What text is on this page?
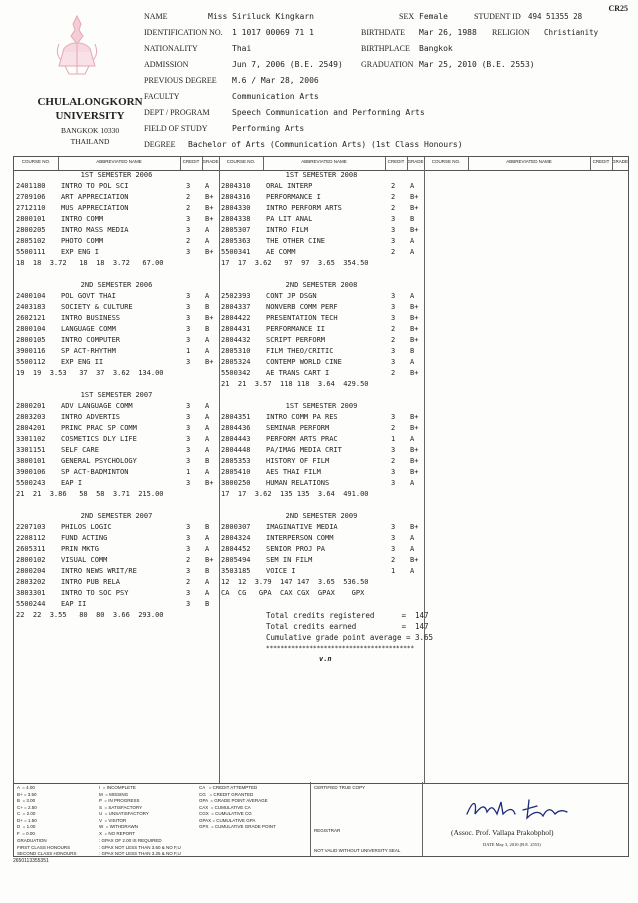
CR25
CHULALONGKORN
UNIVERSITY
BANGKOK 10330
THAILAND
NAME	Miss Siriluck Kingkarn	SEX Female	STUDENT ID 494 51355 28
IDENTIFICATION NO. 1 1017 00069 71 1	BIRTHDATE Mar 26, 1988 RELIGION Christianity
NATIONALITY	Thai	BIRTHPLACE Bangkok
ADMISSION	Jun 7, 2006 (B.E. 2549) GRADUATION Mar 25, 2010 (B.E. 2553)
PREVIOUS DEGREE M.6 / Mar 28, 2006
FACULTY	Communication Arts
DEPT / PROGRAM	Speech Communication and Performing Arts
FIELD OF STUDY	Performing Arts
DEGREE Bachelor of Arts (Communication Arts) (1st Class Honours)
COURSE NO.	ABBREVIATED NAME	CREDIT GRADE	COURSE NO.	ABBREVIATED NAME	CREDIT GRADE	COURSE NO.	ABBREVIATED NAME	CREDIT GRADE
1ST SEMESTER 2006
2401180 INTRO TO POL SCI	3 A
2709106 ART APPRECIATION	2 B+
2712110 MUS APPRECIATION	2 B+
2800101 INTRO COMM	3 B+
2800205 INTRO MASS MEDIA	3 A
2805102 PHOTO COMM	2 A
5500111 EXP ENG I	3 B+
18  18  3.72   18  18  3.72   67.00
2ND SEMESTER 2006
2400104 POL GOVT THAI	3 A
2403183 SOCIETY & CULTURE	3 B
2602121 INTRO BUSINESS	3 B+
2800104 LANGUAGE COMM	3 B
2800105 INTRO COMPUTER	3 A
3900116 SP ACT-RHYTHM	1 A
5500112 EXP ENG II	3 B+
19  19  3.53   37  37  3.62  134.00
1ST SEMESTER 2007
2800201 ADV LANGUAGE COMM	3 A
2803203 INTRO ADVERTIS	3 A
2804201 PRINC PRAC SP COMM	3 A
3301102 COSMETICS DLY LIFE	3 A
3301151 SELF CARE	3 A
3800101 GENERAL PSYCHOLOGY	3 B
3900106 SP ACT-BADMINTON	1 A
5500243 EAP I	3 B+
21  21  3.86   58  58  3.71  215.00
2ND SEMESTER 2007
2207103 PHILOS LOGIC	3 B
2208112 FUND ACTING	3 A
2605311 PRIN MKTG	3 A
2800102 VISUAL COMM	2 B+
2800204 INTRO NEWS WRIT/RE	3 B
2803202 INTRO PUB RELA	2 A
3803301 INTRO TO SOC PSY	3 A
5500244 EAP II	3 B
22  22  3.55   80  80  3.66  293.00
1ST SEMESTER 2008
2804310 ORAL INTERP	2 A
2804316 PERFORMANCE I	2 B+
2804330 INTRO PERFORM ARTS	2 B+
2804338 PA LIT ANAL	3 B
2805307 INTRO FILM	3 B+
2805363 THE OTHER CINE	3 A
5500341 AE COMM	2 A
17  17  3.62   97  97  3.65  354.50
2ND SEMESTER 2008
2502393 CONT JP DSGN	3 A
2804337 NONVERB COMM PERF	3 B+
2804422 PRESENTATION TECH	3 B+
2804431 PERFORMANCE II	2 B+
2804432 SCRIPT PERFORM	2 B+
2805310 FILM THEO/CRITIC	3 B
2805324 CONTEMP WORLD CINE	3 A
5500342 AE TRANS CART I	2 B+
21  21  3.57  118 118  3.64  429.50
1ST SEMESTER 2009
2804351 INTRO COMM PA RES	3 B+
2804436 SEMINAR PERFORM	2 B+
2804443 PERFORM ARTS PRAC	1 A
2804448 PA/IMAG MEDIA CRIT	3 B+
2805353 HISTORY OF FILM	2 B+
2805410 AES THAI FILM	3 B+
3800250 HUMAN RELATIONS	3 A
17  17  3.62  135 135  3.64  491.00
2ND SEMESTER 2009
2800307 IMAGINATIVE MEDIA	3 B+
2804324 INTERPERSON COMM	3 A
2804452 SENIOR PROJ PA	3 A
2805494 SEM IN FILM	2 B+
3503185 VOICE I	1 A
12  12  3.79  147 147  3.65  536.50
CA  CG   GPA  CAX CGX  GPAX    GPX
Total credits registered      =  147
Total credits earned          =  147
Cumulative grade point average = 3.65
*****************************************
v.n
A  = 4.00
B+ = 3.50
B  = 3.00
C+ = 2.50
C  = 2.00
D+ = 1.50
D  = 1.00
F  = 0.00
I  = INCOMPLETE
M  = MISSING
P  = IN PROGRESS
S  = SATISFACTORY
U  = UNSATISFACTORY
V  = VISITOR
W  = WITHDRAWN
X  = NO REPORT
CA   = CREDIT ATTEMPTED
CG   = CREDIT GRANTED
GPA  = GRADE POINT AVERAGE
CAX  = CUMULATIVE CA
CGX  = CUMULATIVE CG
GPAX = CUMULATIVE GPA
GPX  = CUMULATIVE GRADE POINT
GRADUATION
FIRST CLASS HONOURS
SECOND CLASS HONOURS
: GPAX OF 2.00 IS REQUIRED
: GPAX NOT LESS THAN 3.60 & NO F,U
: GPAX NOT LESS THAN 3.25 & NO F,U
CERTIFIED TRUE COPY
REGISTRAR
NOT VALID WITHOUT UNIVERSITY SEAL
(Assoc. Prof. Vallapa Prakobphol)
DATE May 3, 2010 (B.E. 2553)
2650113355351
